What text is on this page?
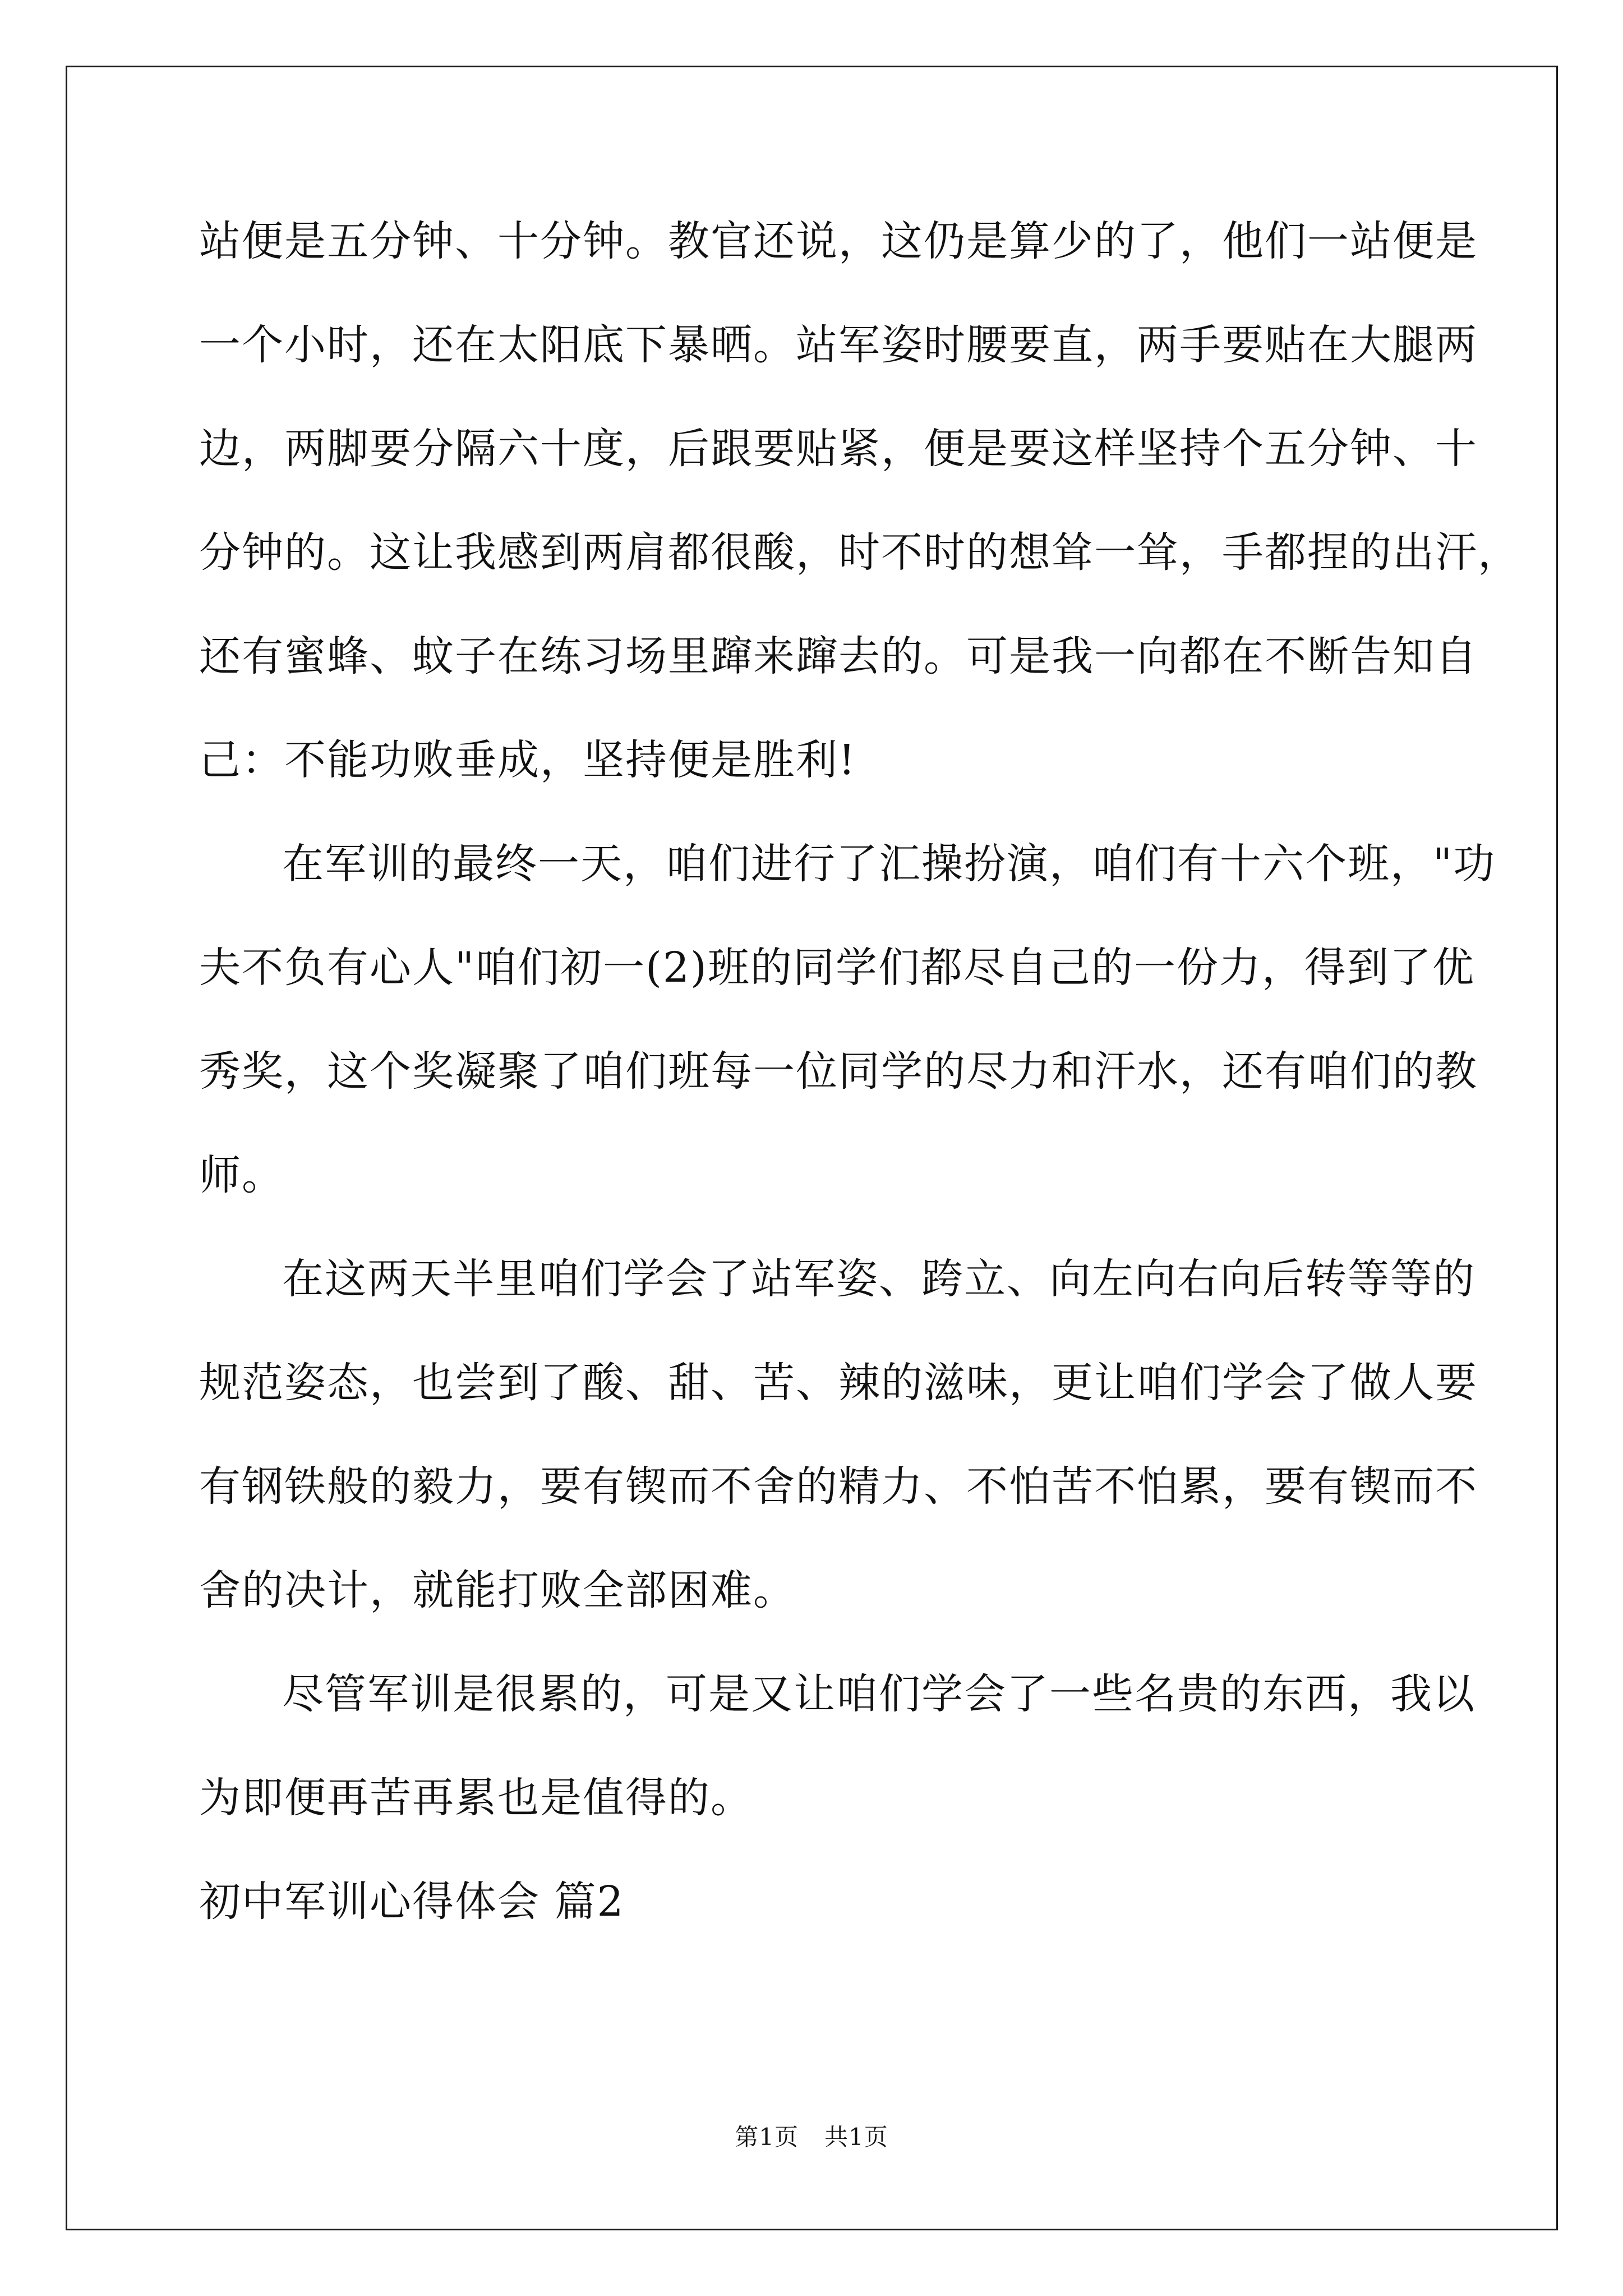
站便是五分钟、十分钟。教官还说，这仍是算少的了，他们一站便是
一个小时，还在太阳底下暴晒。站军姿时腰要直，两手要贴在大腿两
边，两脚要分隔六十度，后跟要贴紧，便是要这样坚持个五分钟、十
分钟的。这让我感到两肩都很酸，时不时的想耸一耸，手都捏的出汗，
还有蜜蜂、蚊子在练习场里蹿来蹿去的。可是我一向都在不断告知自
己：不能功败垂成，坚持便是胜利!
在军训的最终一天，咱们进行了汇操扮演，咱们有十六个班，"功
夫不负有心人"咱们初一(2)班的同学们都尽自己的一份力，得到了优
秀奖，这个奖凝聚了咱们班每一位同学的尽力和汗水，还有咱们的教
师。
在这两天半里咱们学会了站军姿、跨立、向左向右向后转等等的
规范姿态，也尝到了酸、甜、苦、辣的滋味，更让咱们学会了做人要
有钢铁般的毅力，要有锲而不舍的精力、不怕苦不怕累，要有锲而不
舍的决计，就能打败全部困难。
尽管军训是很累的，可是又让咱们学会了一些名贵的东西，我以
为即便再苦再累也是值得的。
初中军训心得体会 篇2
第1页 共1页
